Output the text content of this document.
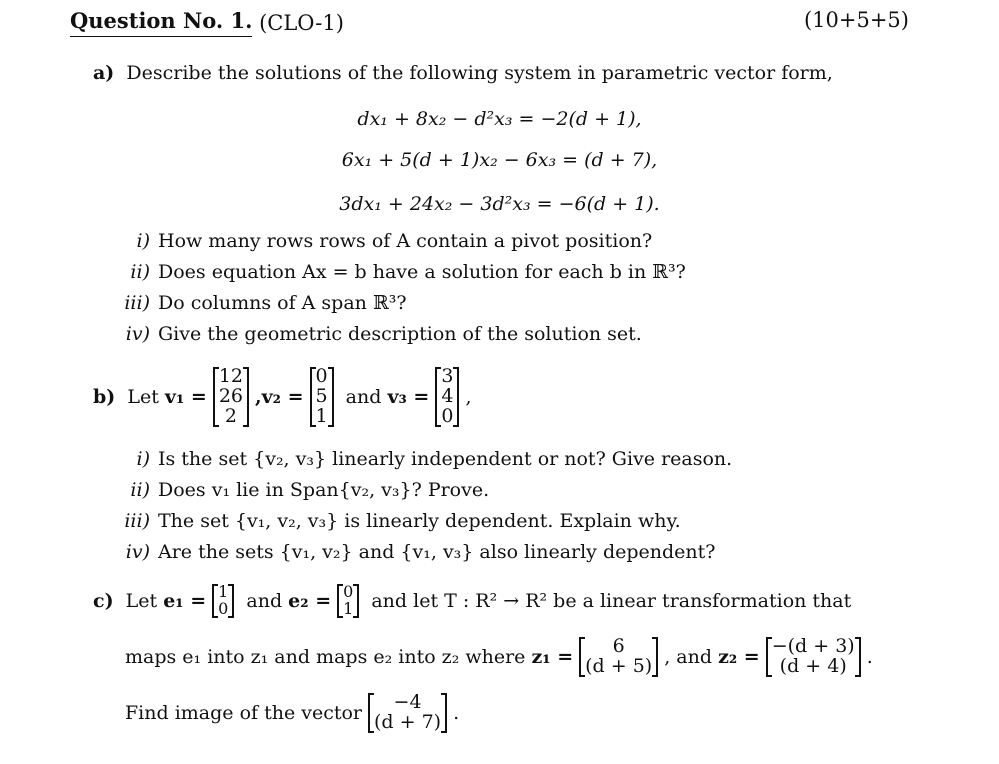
Question No. 1.
(CLO-1)	(10+5+5)
a)
Describe the solutions of the following system in parametric vector form,
dx₁ + 8x₂ − d²x₃ = −2(d + 1),
6x₁ + 5(d + 1)x₂ − 6x₃ = (d + 7),
3dx₁ + 24x₂ − 3d²x₃ = −6(d + 1).
i) How many rows rows of A contain a pivot position?
ii) Does equation Ax = b have a solution for each b in ℝ³?
iii) Do columns of A span ℝ³?
iv) Give the geometric description of the solution set.
b)
Let
v₁ =
12
26
2
,v₂ =
0
5
1

and
v₃ =
3
4
0
,
i) Is the set {v₂, v₃} linearly independent or not? Give reason.
ii) Does v₁ lie in Span{v₂, v₃}? Prove.
iii) The set {v₁, v₂, v₃} is linearly dependent. Explain why.
iv) Are the sets {v₁, v₂} and {v₁, v₃} also linearly dependent?
c)
Let
e₁ = 1
0
and
e₂ = 0
1
and let T : R² → R² be a linear transformation that
maps e₁ into z₁ and maps e₂ into z₂ where
z₁ = 6
(d + 5) , and
z₂ = −(d + 3)
(d + 4) .
Find image of the vector −4
(d + 7) .
